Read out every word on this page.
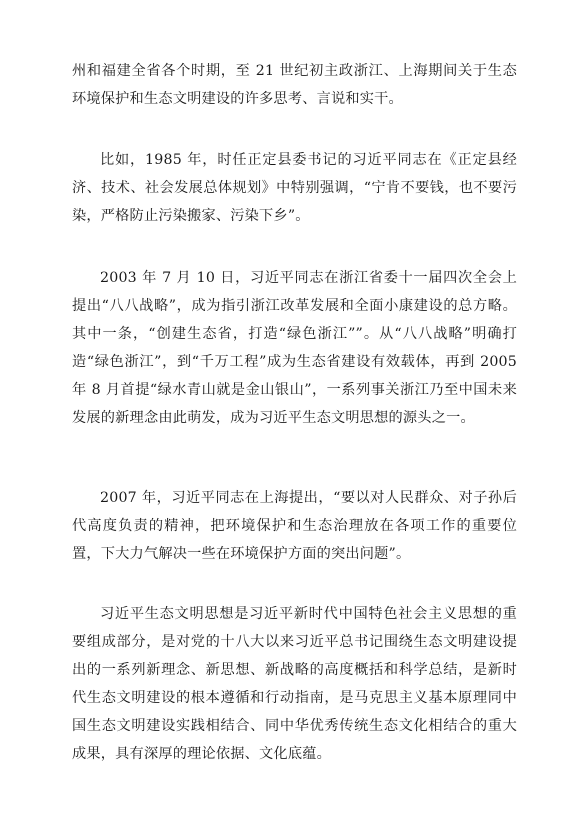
州和福建全省各个时期，至 21 世纪初主政浙江、上海期间关于生态环境保护和生态文明建设的许多思考、言说和实干。

比如，1985 年，时任正定县委书记的习近平同志在《正定县经济、技术、社会发展总体规划》中特别强调，“宁肯不要钱，也不要污染，严格防止污染搬家、污染下乡”。

2003 年 7 月 10 日，习近平同志在浙江省委十一届四次全会上提出“八八战略”，成为指引浙江改革发展和全面小康建设的总方略。其中一条，“创建生态省，打造“绿色浙江””。从“八八战略”明确打造“绿色浙江”，到“千万工程”成为生态省建设有效载体，再到 2005 年 8 月首提“绿水青山就是金山银山”，一系列事关浙江乃至中国未来发展的新理念由此萌发，成为习近平生态文明思想的源头之一。

2007 年，习近平同志在上海提出，“要以对人民群众、对子孙后代高度负责的精神，把环境保护和生态治理放在各项工作的重要位置，下大力气解决一些在环境保护方面的突出问题”。

习近平生态文明思想是习近平新时代中国特色社会主义思想的重要组成部分，是对党的十八大以来习近平总书记围绕生态文明建设提出的一系列新理念、新思想、新战略的高度概括和科学总结，是新时代生态文明建设的根本遵循和行动指南，是马克思主义基本原理同中国生态文明建设实践相结合、同中华优秀传统生态文化相结合的重大成果，具有深厚的理论依据、文化底蕴。
